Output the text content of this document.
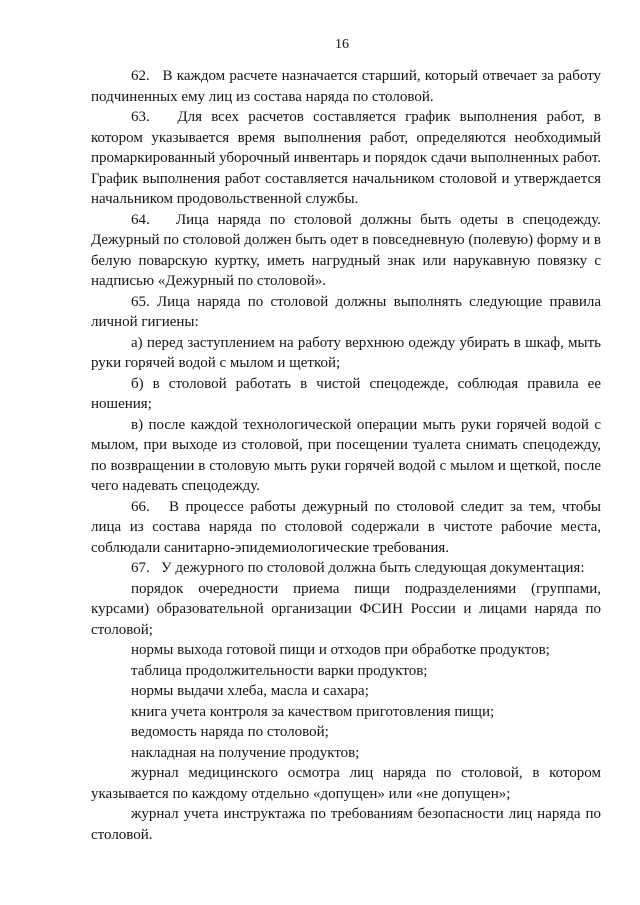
16

62.   В каждом расчете назначается старший, который отвечает за работу подчиненных ему лиц из состава наряда по столовой.

63.   Для всех расчетов составляется график выполнения работ, в котором указывается время выполнения работ, определяются необходимый промаркированный уборочный инвентарь и порядок сдачи выполненных работ. График выполнения работ составляется начальником столовой и утверждается начальником продовольственной службы.

64.   Лица наряда по столовой должны быть одеты в спецодежду. Дежурный по столовой должен быть одет в повседневную (полевую) форму и в белую поварскую куртку, иметь нагрудный знак или нарукавную повязку с надписью «Дежурный по столовой».

65. Лица наряда по столовой должны выполнять следующие правила личной гигиены:

а) перед заступлением на работу верхнюю одежду убирать в шкаф, мыть руки горячей водой с мылом и щеткой;

б) в столовой работать в чистой спецодежде, соблюдая правила ее ношения;

в) после каждой технологической операции мыть руки горячей водой с мылом, при выходе из столовой, при посещении туалета снимать спецодежду, по возвращении в столовую мыть руки горячей водой с мылом и щеткой, после чего надевать спецодежду.

66.   В процессе работы дежурный по столовой следит за тем, чтобы лица из состава наряда по столовой содержали в чистоте рабочие места, соблюдали санитарно-эпидемиологические требования.

67.   У дежурного по столовой должна быть следующая документация:

порядок очередности приема пищи подразделениями (группами, курсами) образовательной организации ФСИН России и лицами наряда по столовой;

нормы выхода готовой пищи и отходов при обработке продуктов;

таблица продолжительности варки продуктов;

нормы выдачи хлеба, масла и сахара;

книга учета контроля за качеством приготовления пищи;

ведомость наряда по столовой;

накладная на получение продуктов;

журнал медицинского осмотра лиц наряда по столовой, в котором указывается по каждому отдельно «допущен» или «не допущен»;

журнал учета инструктажа по требованиям безопасности лиц наряда по столовой.
